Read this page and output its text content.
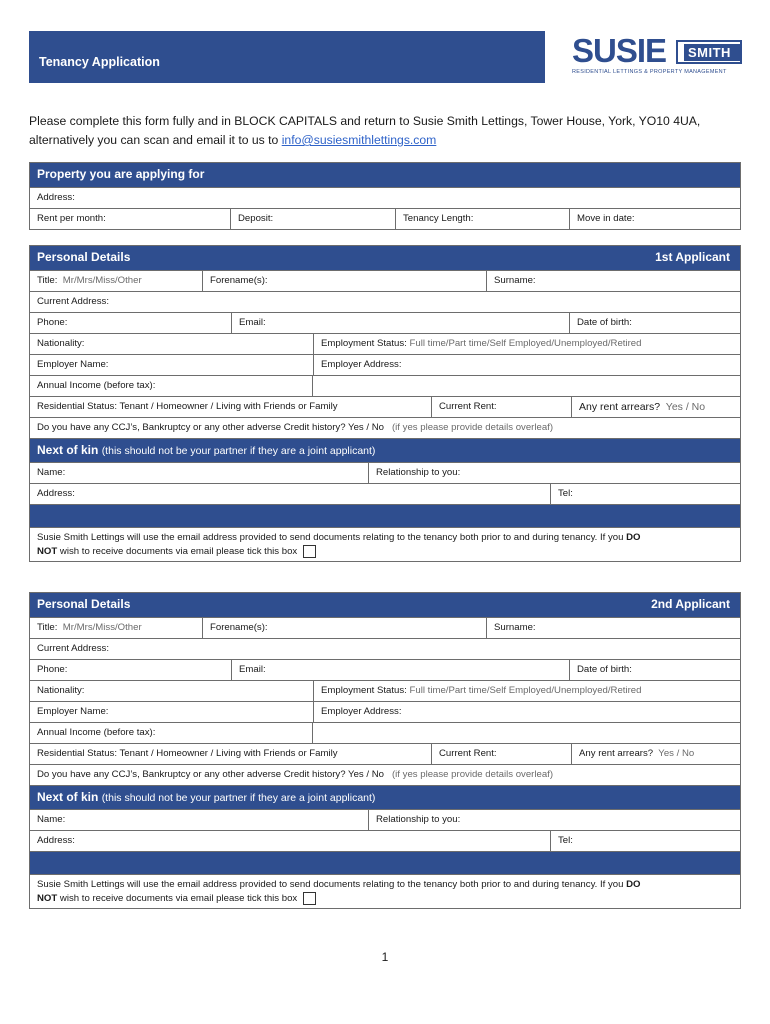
Tenancy Application	SUSIE SMITH
RESIDENTIAL LETTINGS & PROPERTY MANAGEMENT
Please complete this form fully and in BLOCK CAPITALS and return to Susie Smith Lettings, Tower House, York, YO10 4UA,
alternatively you can scan and email it to us to info@susiesmithlettings.com
Property you are applying for
Address:
Rent per month:	Deposit:	Tenancy Length:	Move in date:
Personal Details	1st Applicant
Title: Mr/Mrs/Miss/Other	Forename(s):	Surname:
Current Address:
Phone:	Email:	Date of birth:
Nationality:	Employment Status: Full time/Part time/Self Employed/Unemployed/Retired
Employer Name:	Employer Address:
Annual Income (before tax):
Residential Status: Tenant / Homeowner / Living with Friends or Family	Current Rent:	Any rent arrears? Yes / No
Do you have any CCJ’s, Bankruptcy or any other adverse Credit history? Yes / No (if yes please provide details overleaf)
Next of kin (this should not be your partner if they are a joint applicant)
Name:	Relationship to you:
Address:	Tel:
Susie Smith Lettings will use the email address provided to send documents relating to the tenancy both prior to and during tenancy. If you DO
NOT wish to receive documents via email please tick this box
Personal Details	2nd Applicant
Title: Mr/Mrs/Miss/Other	Forename(s):	Surname:
Current Address:
Phone:	Email:	Date of birth:
Nationality:	Employment Status: Full time/Part time/Self Employed/Unemployed/Retired
Employer Name:	Employer Address:
Annual Income (before tax):
Residential Status: Tenant / Homeowner / Living with Friends or Family	Current Rent:	Any rent arrears? Yes / No
Do you have any CCJ’s, Bankruptcy or any other adverse Credit history? Yes / No (if yes please provide details overleaf)
Next of kin (this should not be your partner if they are a joint applicant)
Name:	Relationship to you:
Address:	Tel:
Susie Smith Lettings will use the email address provided to send documents relating to the tenancy both prior to and during tenancy. If you DO
NOT wish to receive documents via email please tick this box
1
